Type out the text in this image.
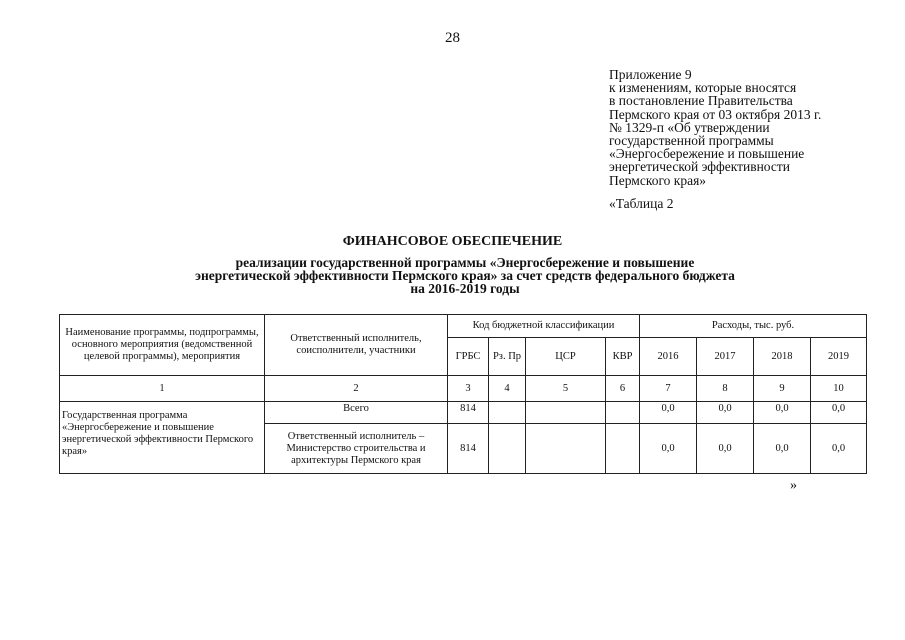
28
Приложение 9
к изменениям, которые вносятся
в постановление Правительства
Пермского края от 03 октября 2013 г.
№ 1329-п «Об утверждении
государственной программы
«Энергосбережение и повышение
энергетической эффективности
Пермского края»
«Таблица 2
ФИНАНСОВОЕ ОБЕСПЕЧЕНИЕ
реализации государственной программы «Энергосбережение и повышение
энергетической эффективности Пермского края» за счет средств федерального бюджета
на 2016-2019 годы
Наименование программы, подпрограммы, основного мероприятия (ведомственной целевой программы), мероприятия	Ответственный исполнитель, соисполнители, участники	Код бюджетной классификации				Расходы, тыс. руб.			
		ГРБС	Рз. Пр	ЦСР	КВР	2016	2017	2018	2019
1	2	3	4	5	6	7	8	9	10
Государственная программа «Энергосбережение и повышение энергетической эффективности Пермского края»	Всего	814				0,0	0,0	0,0	0,0
	Ответственный исполнитель – Министерство строительства и архитектуры Пермского края	814				0,0	0,0	0,0	0,0
»
